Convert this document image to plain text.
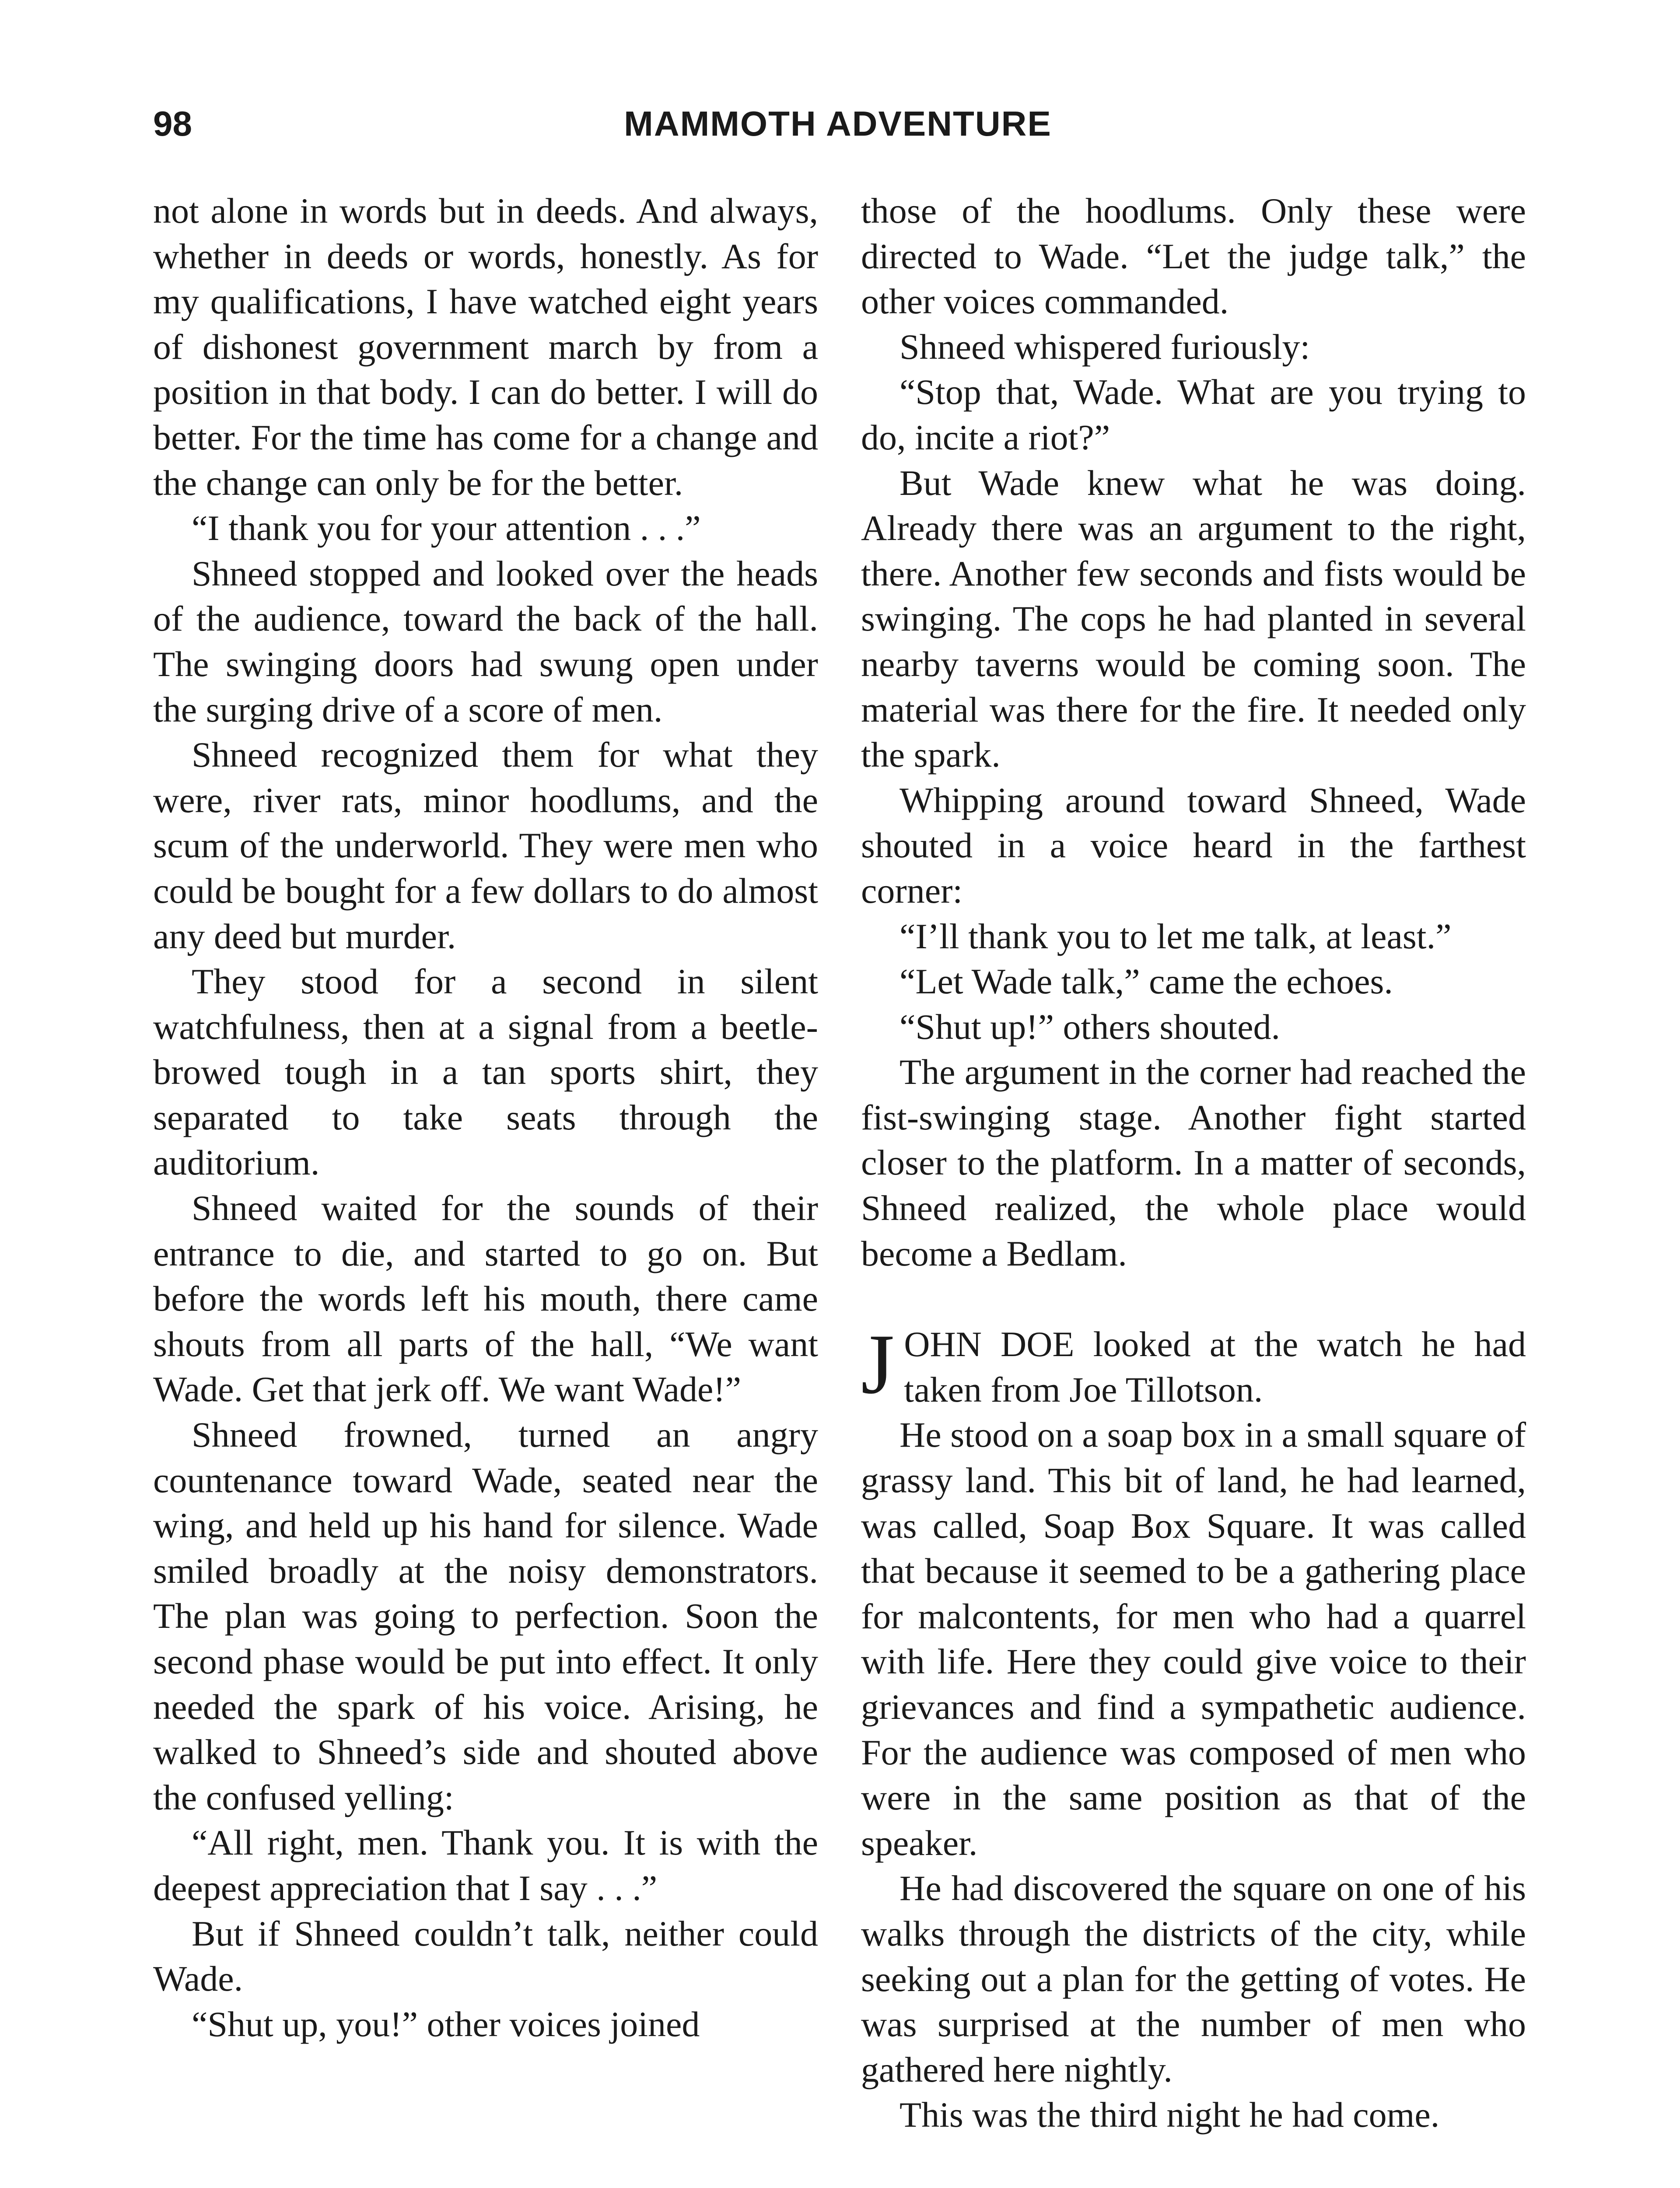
98	MAMMOTH ADVENTURE

not alone in words but in deeds. And always, whether in deeds or words, honestly. As for my qualifications, I have watched eight years of dishonest government march by from a position in that body. I can do better. I will do better. For the time has come for a change and the change can only be for the better.

“I thank you for your attention . . .”

Shneed stopped and looked over the heads of the audience, toward the back of the hall. The swinging doors had swung open under the surging drive of a score of men.

Shneed recognized them for what they were, river rats, minor hoodlums, and the scum of the underworld. They were men who could be bought for a few dollars to do almost any deed but murder.

They stood for a second in silent watchfulness, then at a signal from a beetle-browed tough in a tan sports shirt, they separated to take seats through the auditorium.

Shneed waited for the sounds of their entrance to die, and started to go on. But before the words left his mouth, there came shouts from all parts of the hall, “We want Wade. Get that jerk off. We want Wade!”

Shneed frowned, turned an angry countenance toward Wade, seated near the wing, and held up his hand for silence. Wade smiled broadly at the noisy demonstrators. The plan was going to perfection. Soon the second phase would be put into effect. It only needed the spark of his voice. Arising, he walked to Shneed’s side and shouted above the confused yelling:

“All right, men. Thank you. It is with the deepest appreciation that I say . . .”

But if Shneed couldn’t talk, neither could Wade.

“Shut up, you!” other voices joined

those of the hoodlums. Only these were directed to Wade. “Let the judge talk,” the other voices commanded.

Shneed whispered furiously:

“Stop that, Wade. What are you trying to do, incite a riot?”

But Wade knew what he was doing. Already there was an argument to the right, there. Another few seconds and fists would be swinging. The cops he had planted in several nearby taverns would be coming soon. The material was there for the fire. It needed only the spark.

Whipping around toward Shneed, Wade shouted in a voice heard in the farthest corner:

“I’ll thank you to let me talk, at least.”

“Let Wade talk,” came the echoes.

“Shut up!” others shouted.

The argument in the corner had reached the fist-swinging stage. Another fight started closer to the platform. In a matter of seconds, Shneed realized, the whole place would become a Bedlam.

JOHN DOE looked at the watch he had taken from Joe Tillotson.

He stood on a soap box in a small square of grassy land. This bit of land, he had learned, was called, Soap Box Square. It was called that because it seemed to be a gathering place for malcontents, for men who had a quarrel with life. Here they could give voice to their grievances and find a sympathetic audience. For the audience was composed of men who were in the same position as that of the speaker.

He had discovered the square on one of his walks through the districts of the city, while seeking out a plan for the getting of votes. He was surprised at the number of men who gathered here nightly.

This was the third night he had come.
